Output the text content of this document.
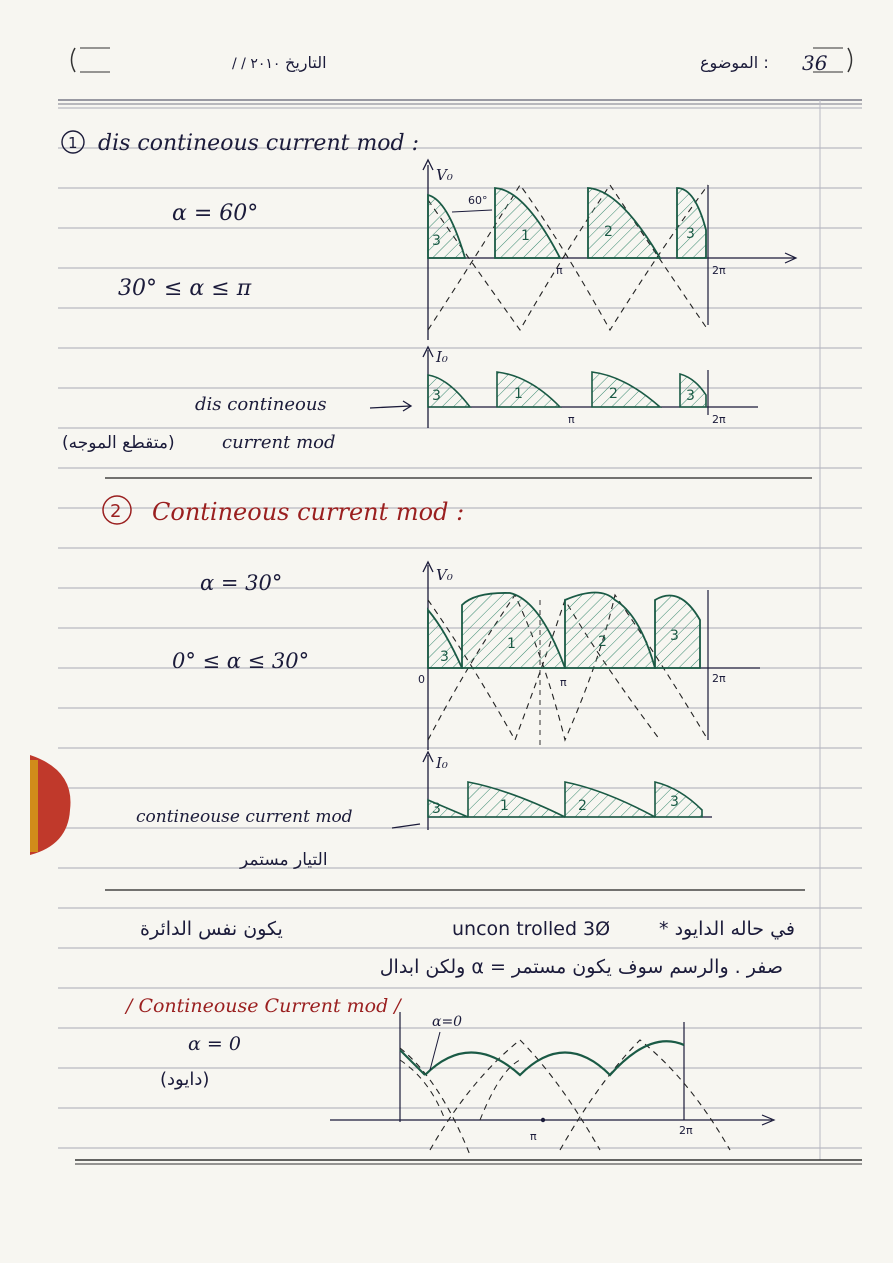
/ / ٢٠١٠ التاريخ	الموضوع : 36
1 dis contineous current mod :
α = 60°
30° ≤ α ≤ π
dis contineous
(متقطع الموجه)	current mod
V₀
3	1	2	3
60°
π	2π
I₀
3	1	2	3
π	2π
2 Contineous current mod :
α = 30°
0° ≤ α ≤ 30°
contineouse current mod
التيار مستمر
V₀
0
3
1	2	3
π	2π
I₀
3	1	2	3
uncon trolled 3Ø	* في حاله الدايود
يكون نفس الدائرة
ولكن ابدال α = صفر . والرسم سوف يكون مستمر
/ Contineouse Current mod /
α = 0
(دايود)
α=0
π	2π
